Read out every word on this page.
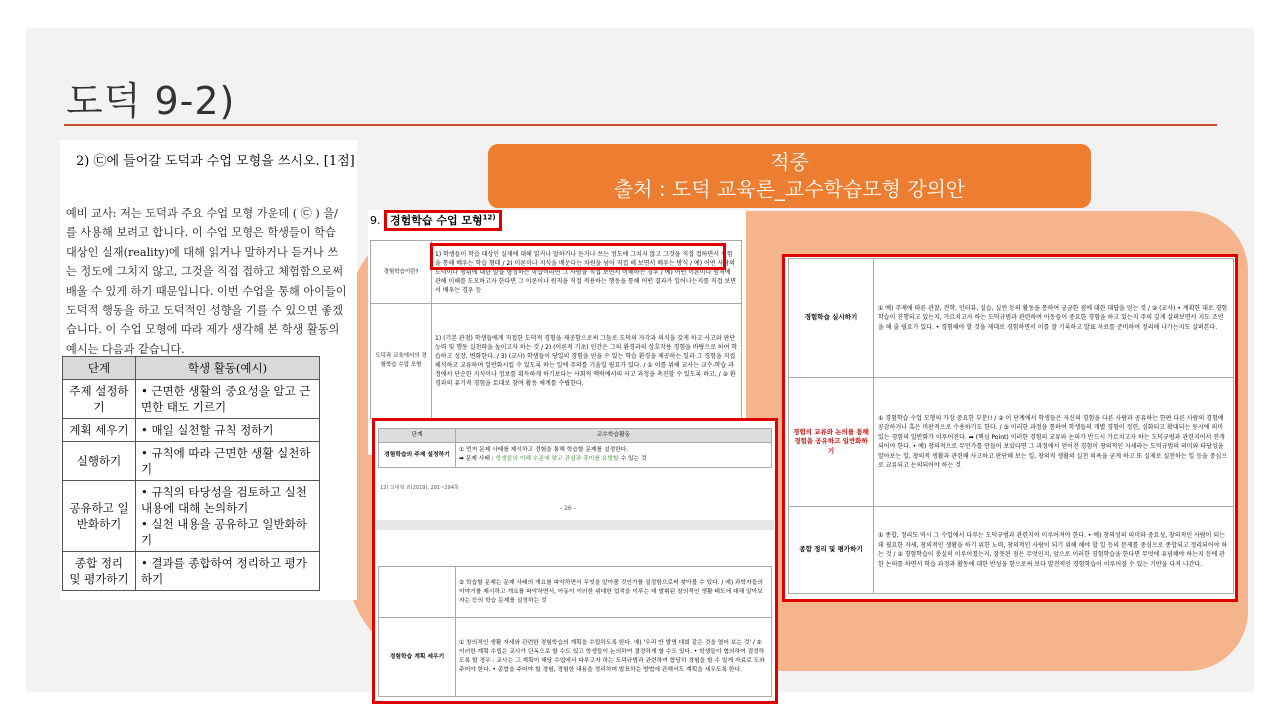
도덕 9-2)
2) ㉢에 들어갈 도덕과 수업 모형을 쓰시오. [1점]
예비 교사: 저는 도덕과 주요 수업 모형 가운데 ( ㉢ ) 을/를 사용해 보려고 합니다. 이 수업 모형은 학생들이 학습 대상인 실재(reality)에 대해 읽거나 말하거나 듣거나 쓰는 정도에 그치지 않고, 그것을 직접 접하고 체험함으로써 배울 수 있게 하기 때문입니다. 이번 수업을 통해 아이들이 도덕적 행동을 하고 도덕적인 성향을 기를 수 있으면 좋겠습니다. 이 수업 모형에 따라 제가 생각해 본 학생 활동의 예시는 다음과 같습니다.
단계	학생 활동(예시)
주제 설정하기	• 근면한 생활의 중요성을 알고 근면한 태도 기르기
계획 세우기	• 매일 실천할 규칙 정하기
실행하기	• 규칙에 따라 근면한 생활 실천하기
공유하고 일반화하기	• 규칙의 타당성을 검토하고 실천 내용에 대해 논의하기
• 실천 내용을 공유하고 일반화하기
종합 정리 및 평가하기	• 결과를 종합하여 정리하고 평가하기
적중
출처 : 도덕 교육론_교수학습모형 강의안
9. 경험학습 수업 모형$^{12)}$
경험학습이란?	1) 학생들이 학습 대상인 실재에 대해 읽거나 말하거나 듣거나 쓰는 정도에 그치지 않고 그것을 직접 접하면서 체험을 통해 배우는 학습 형태 / 2) 이론이나 지식을 배운다는 차원을 넘어 직접 해 보면서 배우는 방식 / 예) 어떤 사람의 도덕이나 행위에 대한 말을 형성하는 학습이라면 그 사람을 직접 보면서 이해하는 경우 / 예) 어떤 이론이나 원칙에 관해 이해를 도모하고자 한다면 그 이론이나 원칙을 직접 적용하는 행동을 통해 어떤 결과가 일어나는지를 직접 보면서 배우는 경우 등
도덕과 교육에서의 경험학습 수업 모형	1) (기본 관점) 학생들에게 직접한 도덕적 경험을 제공함으로써 그들로 도덕의 자각과 의식을 갖게 하고 사고와 판단 능력 및 행동 실천력을 높이고자 하는 것 / 2) (이론적 기초) 인간은 그의 환경과의 상호작용 경험을 바탕으로 하여 학습하고 성장, 변화한다. / 3) (교사) 학생들이 당일의 경험을 얻을 수 있는 학습 환경을 제공하는 일과 그 경험을 직접 해석하고 교류하며 일반화시킬 수 있도록 하는 일에 주의를 기울일 필요가 있다. / ① 이를 위해 교사는 교수-학습 과정에서 단순한 지식이나 정보를 획득하게 하기보다는 사회적 맥락에서의 사고 과정을 촉진할 수 있도록 하고, / ② 환경과의 유기적 경험을 토대로 참여 활동 체계를 수립한다.
단계	교수학습활동
경험학습의 주제 설정하기	① 먼저 문제 사태를 제시하고 경험을 통해 학습할 문제를 설정한다.
➡ 문제 사태 : 학생들의 이해 수준에 맞고 관심과 흥미를 유발할 수 있는 것
12) 고대혁 외(2019), 291~294쪽
- 26 -
	② 학습할 문제는 문제 사태의 개요를 파악하면서 무엇을 알아볼 것인가를 설정함으로써 찾아볼 수 있다. / 예) 과학자들의 이야기를 제시하고 개요를 파악하면서, 아동이 이러한 위대한 업적을 이루는 데 발휘된 창의적인 생활 태도에 대해 알아보자는 등의 학습 문제를 설정하는 것
경험학습 계획 세우기	① 창의적인 생활 자세와 관련한 경험학습의 계획을 수립하도록 한다. 예) '우리 반 발명 대회 같은 것을 열어 보는 것' / ② 이러한 계획 수립은 교사가 단독으로 할 수도 있고 학생들이 논의하여 결정하게 할 수도 있다. • 학생들이 협의하여 결정하도록 할 경우 : 교사는 그 계획이 해당 수업에서 다루고자 하는 도덕규범과 관련하여 합당히 경험을 할 수 있게 자료로 도와주어야 한다. • 종합을 주어야 할 경험, 경험한 내용을 정리하며 발표하는 방법에 관해서도 계획을 세우도록 한다.
경험학습 실시하기	① 예) 주제에 따른 관찰, 견학, 인터뷰, 실습, 실연 등의 활동을 통하여 궁금한 점에 대한 대답을 얻는 것 / ② (교사) • 계획한 대로 경험학습이 진행되고 있는지, 가르치고자 하는 도덕규범과 관련하여 아동들이 중요한 경험을 하고 있는지 주의 깊게 살펴보면서 지도 조언을 해 줄 필요가 있다. • 경험해야 할 것을 제대로 경험하면서 이를 잘 기록하고 발표 자료를 준비하여 정리해 나가는지도 살펴본다.
경험의 교류와 논의를 통해 경험을 공유하고 일반화하기	① 경험학습 수업 모형의 가장 중요한 부분!! / ② 이 단계에서 학생들은 자신의 경험을 다른 사람과 공유하는 한편 다른 사람의 경험에 공감하거나 혹은 비판적으로 수용하기도 한다. / ③ 이러한 과정을 통하여 학생들의 개별 경험이 정련, 심화되고 확대되는 동시에 의미 있는 경험의 일반화가 이루어진다. ➡ (핵심 Point) 이러한 경험의 교류와 논의가 반드시 가르치고자 하는 도덕규범과 관련지어서 전개되어야 한다. • 예) 창의적으로 무언가를 만들어 보았다면 그 과정에서 얻어진 경험이 창의적인 자세라는 도덕규범의 의미와 타당성을 알아보는 일, 창의적 생활과 관련해 사고하고 판단해 보는 일, 창의적 생활의 실천 의욕을 굳게 하고 또 실제로 실천하는 일 등을 중심으로 교류되고 논의되어야 하는 것
종합 정리 및 평가하기	① 종합, 정리도 역시 그 수업에서 다루는 도덕규범과 관련지어 이루어져야 한다. • 예) 창의성의 의미와 중요성, 창의적인 사람이 되는 데 필요한 자세, 창의적인 생활을 하기 위한 노력, 창의적인 사람이 되기 위해 해야 할 일 등의 문제를 중심으로 종합되고 정리되어야 하는 것 / ② 경험학습이 충실히 이루어졌는지, 잘못된 점은 무엇인지, 앞으로 이러한 경험학습을 한다면 무엇에 유념해야 하는지 등에 관한 논의를 하면서 학습 과정과 활동에 대한 반성을 함으로써 보다 발전적인 경험학습이 이루어질 수 있는 기반을 다져 나간다.
